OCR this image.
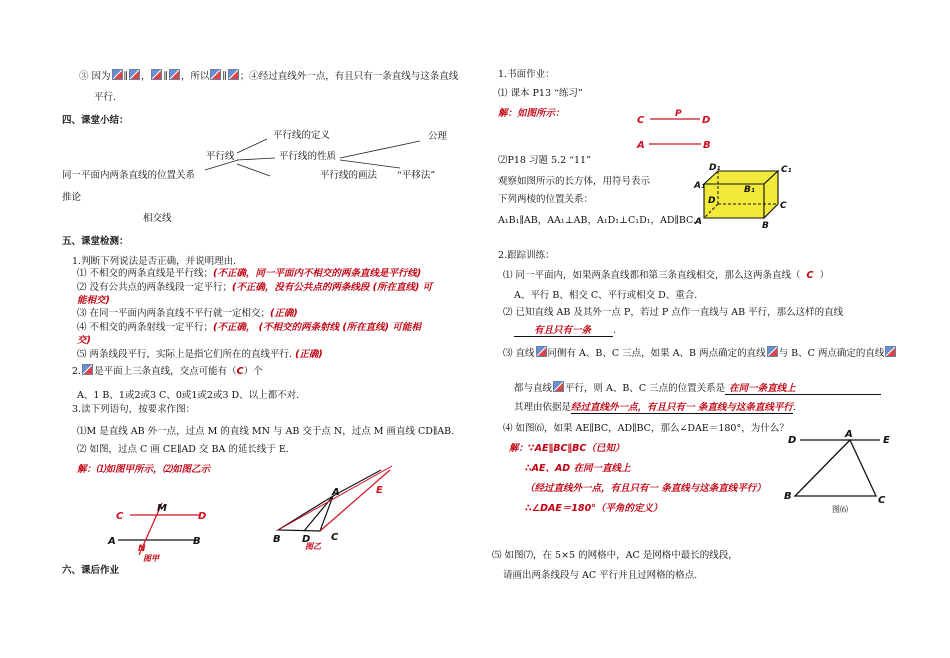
③ 因为 ∥ ， ∥ ，所以 ∥ ；④经过直线外一点，有且只有一条直线与这条直线
平行.
四、课堂小结：
平行线
平行线的定义	公理
平行线的性质
同一平面内两条直线的位置关系	平行线的画法 “平移法”
推论
相交线
五、课堂检测：
1.判断下列说法是否正确，并说明理由.
⑴ 不相交的两条直线是平行线；(不正确，同一平面内不相交的两条直线是平行线)
⑵ 没有公共点的两条线段一定平行；(不正确，没有公共点的两条线段 (所在直线) 可
能相交)
⑶ 在同一平面内两条直线不平行就一定相交；(正确)
⑷ 不相交的两条射线一定平行；(不正确， (不相交的两条射线 (所在直线) 可能相
交)
⑸ 两条线段平行，实际上是指它们所在的直线平行. (正确)
2. 是平面上三条直线，交点可能有（C）个
A、1 B、1或2或3 C、0或1或2或3 D、以上都不对.
3.读下列语句，按要求作图：
⑴M 是直线 AB 外一点，过点 M 的直线 MN 与 AB 交于点 N，过点 M 画直线 CD∥AB.
⑵ 如图，过点 C 画 CE∥AD 交 BA 的延长线于 E.
解：⑴如图甲所示，⑵如图乙示
C
M
D
A
N
B
图甲
A	E
B D C
图乙
六、课后作业
1.书面作业：
⑴ 课本 P13 “练习”
解：如图所示：
C
P
D
A	B
⑵P18 习题 5.2 “11”
观察如图所示的长方体，用符号表示
下列两棱的位置关系：
A₁B₁∥AB，AA₁⊥AB，A₁D₁⊥C₁D₁，AD∥BC.
D₁	C₁
A₁	B₁
D	C
A	B
2.跟踪训练：
⑴ 同一平面内，如果两条直线都和第三条直线相交，那么这两条直线（ C ）
A、平行 B、相交 C、平行或相交 D、重合.
⑵ 已知直线 AB 及其外一点 P，若过 P 点作一直线与 AB 平行，那么这样的直线
有且只有一条 .
⑶ 直线 同侧有 A、B、C 三点，如果 A、B 两点确定的直线 与 B、C 两点确定的直线
都与直线 平行，则 A、B、C 三点的位置关系是 在同一条直线上
其理由依据是经过直线外一点，有且只有一 条直线与这条直线平行.
⑷ 如图⑹，如果 AE∥BC，AD∥BC，那么∠DAE＝180°，为什么？
解：∵AE∥BC∥BC（已知）
∴AE、AD 在同一直线上
（经过直线外一点，有且只有一 条直线与这条直线平行）
∴∠DAE＝180°（平角的定义）
D
A
E
B	C
图⑹
⑸ 如图⑺，在 5×5 的网格中，AC 是网格中最长的线段，
请画出两条线段与 AC 平行并且过网格的格点.
